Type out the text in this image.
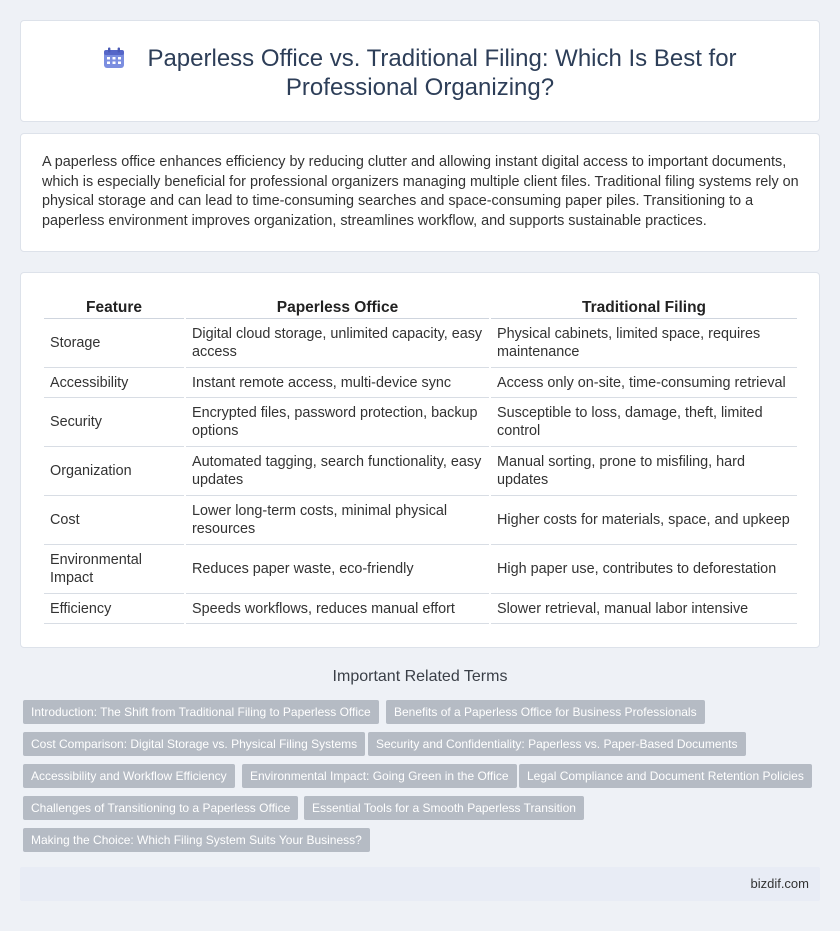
Paperless Office vs. Traditional Filing: Which Is Best for Professional Organizing?

A paperless office enhances efficiency by reducing clutter and allowing instant digital access to important documents, which is especially beneficial for professional organizers managing multiple client files. Traditional filing systems rely on physical storage and can lead to time-consuming searches and space-consuming paper piles. Transitioning to a paperless environment improves organization, streamlines workflow, and supports sustainable practices.

Feature	Paperless Office	Traditional Filing
Storage	Digital cloud storage, unlimited capacity, easy access	Physical cabinets, limited space, requires maintenance
Accessibility	Instant remote access, multi-device sync	Access only on-site, time-consuming retrieval
Security	Encrypted files, password protection, backup options	Susceptible to loss, damage, theft, limited control
Organization	Automated tagging, search functionality, easy updates	Manual sorting, prone to misfiling, hard updates
Cost	Lower long-term costs, minimal physical resources	Higher costs for materials, space, and upkeep
Environmental Impact	Reduces paper waste, eco-friendly	High paper use, contributes to deforestation
Efficiency	Speeds workflows, reduces manual effort	Slower retrieval, manual labor intensive
Important Related Terms
Introduction: The Shift from Traditional Filing to Paperless Office	Benefits of a Paperless Office for Business Professionals
Cost Comparison: Digital Storage vs. Physical Filing Systems	Security and Confidentiality: Paperless vs. Paper-Based Documents
Accessibility and Workflow Efficiency	Environmental Impact: Going Green in the Office	Legal Compliance and Document Retention Policies
Challenges of Transitioning to a Paperless Office	Essential Tools for a Smooth Paperless Transition
Making the Choice: Which Filing System Suits Your Business?
bizdif.com
